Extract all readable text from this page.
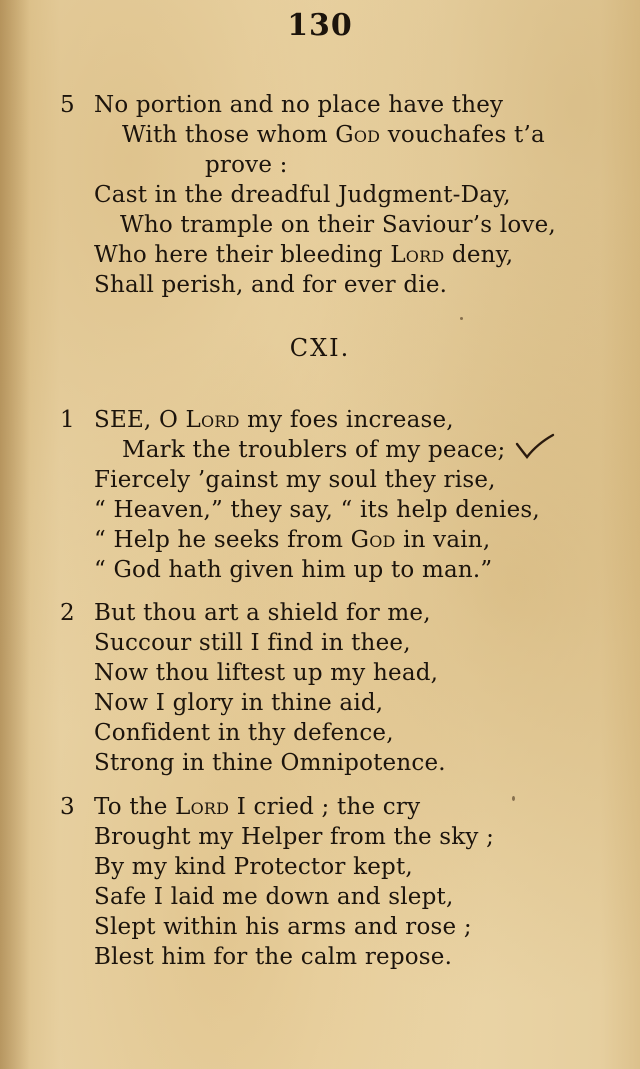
130
5 No portion and no place have they
With those whom God vouchafes t’a
prove :
Cast in the dreadful Judgment-Day,
Who trample on their Saviour’s love,
Who here their bleeding Lord deny,
Shall perish, and for ever die.
CXI.
1 SEE, O Lord my foes increase,
Mark the troublers of my peace;
Fiercely ’gainst my soul they rise,
“ Heaven,” they say, “ its help denies,
“ Help he seeks from God in vain,
“ God hath given him up to man.”
2 But thou art a shield for me,
Succour still I find in thee,
Now thou liftest up my head,
Now I glory in thine aid,
Confident in thy defence,
Strong in thine Omnipotence.
3 To the Lord I cried ; the cry
Brought my Helper from the sky ;
By my kind Protector kept,
Safe I laid me down and slept,
Slept within his arms and rose ;
Blest him for the calm repose.
